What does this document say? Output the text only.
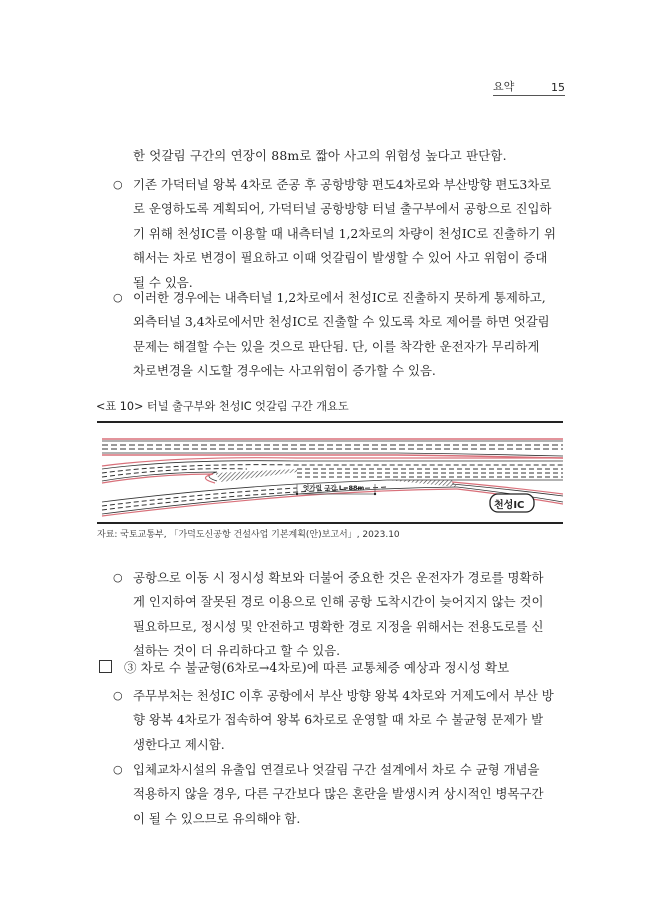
요약	15
한 엇갈림 구간의 연장이 88m로 짧아 사고의 위험성 높다고 판단함.
○ 기존 가덕터널 왕복 4차로 준공 후 공항방향 편도4차로와 부산방향 편도3차로
로 운영하도록 계획되어, 가덕터널 공항방향 터널 출구부에서 공항으로 진입하
기 위해 천성IC를 이용할 때 내측터널 1,2차로의 차량이 천성IC로 진출하기 위
해서는 차로 변경이 필요하고 이때 엇갈림이 발생할 수 있어 사고 위험이 증대
될 수 있음.
○ 이러한 경우에는 내측터널 1,2차로에서 천성IC로 진출하지 못하게 통제하고,
외측터널 3,4차로에서만 천성IC로 진출할 수 있도록 차로 제어를 하면 엇갈림
문제는 해결할 수는 있을 것으로 판단됨. 단, 이를 착각한 운전자가 무리하게
차로변경을 시도할 경우에는 사고위험이 증가할 수 있음.
<표 10> 터널 출구부와 천성IC 엇갈림 구간 개요도
엇가림 구간 L=88m
천성IC
자료: 국토교통부, 「가덕도신공항 건설사업 기본계획(안)보고서」, 2023.10
○ 공항으로 이동 시 정시성 확보와 더불어 중요한 것은 운전자가 경로를 명확하
게 인지하여 잘못된 경로 이용으로 인해 공항 도착시간이 늦어지지 않는 것이
필요하므로, 정시성 및 안전하고 명확한 경로 지정을 위해서는 전용도로를 신
설하는 것이 더 유리하다고 할 수 있음.
③ 차로 수 불균형(6차로→4차로)에 따른 교통체증 예상과 정시성 확보
○ 주무부처는 천성IC 이후 공항에서 부산 방향 왕복 4차로와 거제도에서 부산 방
향 왕복 4차로가 접속하여 왕복 6차로로 운영할 때 차로 수 불균형 문제가 발
생한다고 제시함.
○ 입체교차시설의 유출입 연결로나 엇갈림 구간 설계에서 차로 수 균형 개념을
적용하지 않을 경우, 다른 구간보다 많은 혼란을 발생시켜 상시적인 병목구간
이 될 수 있으므로 유의해야 함.
